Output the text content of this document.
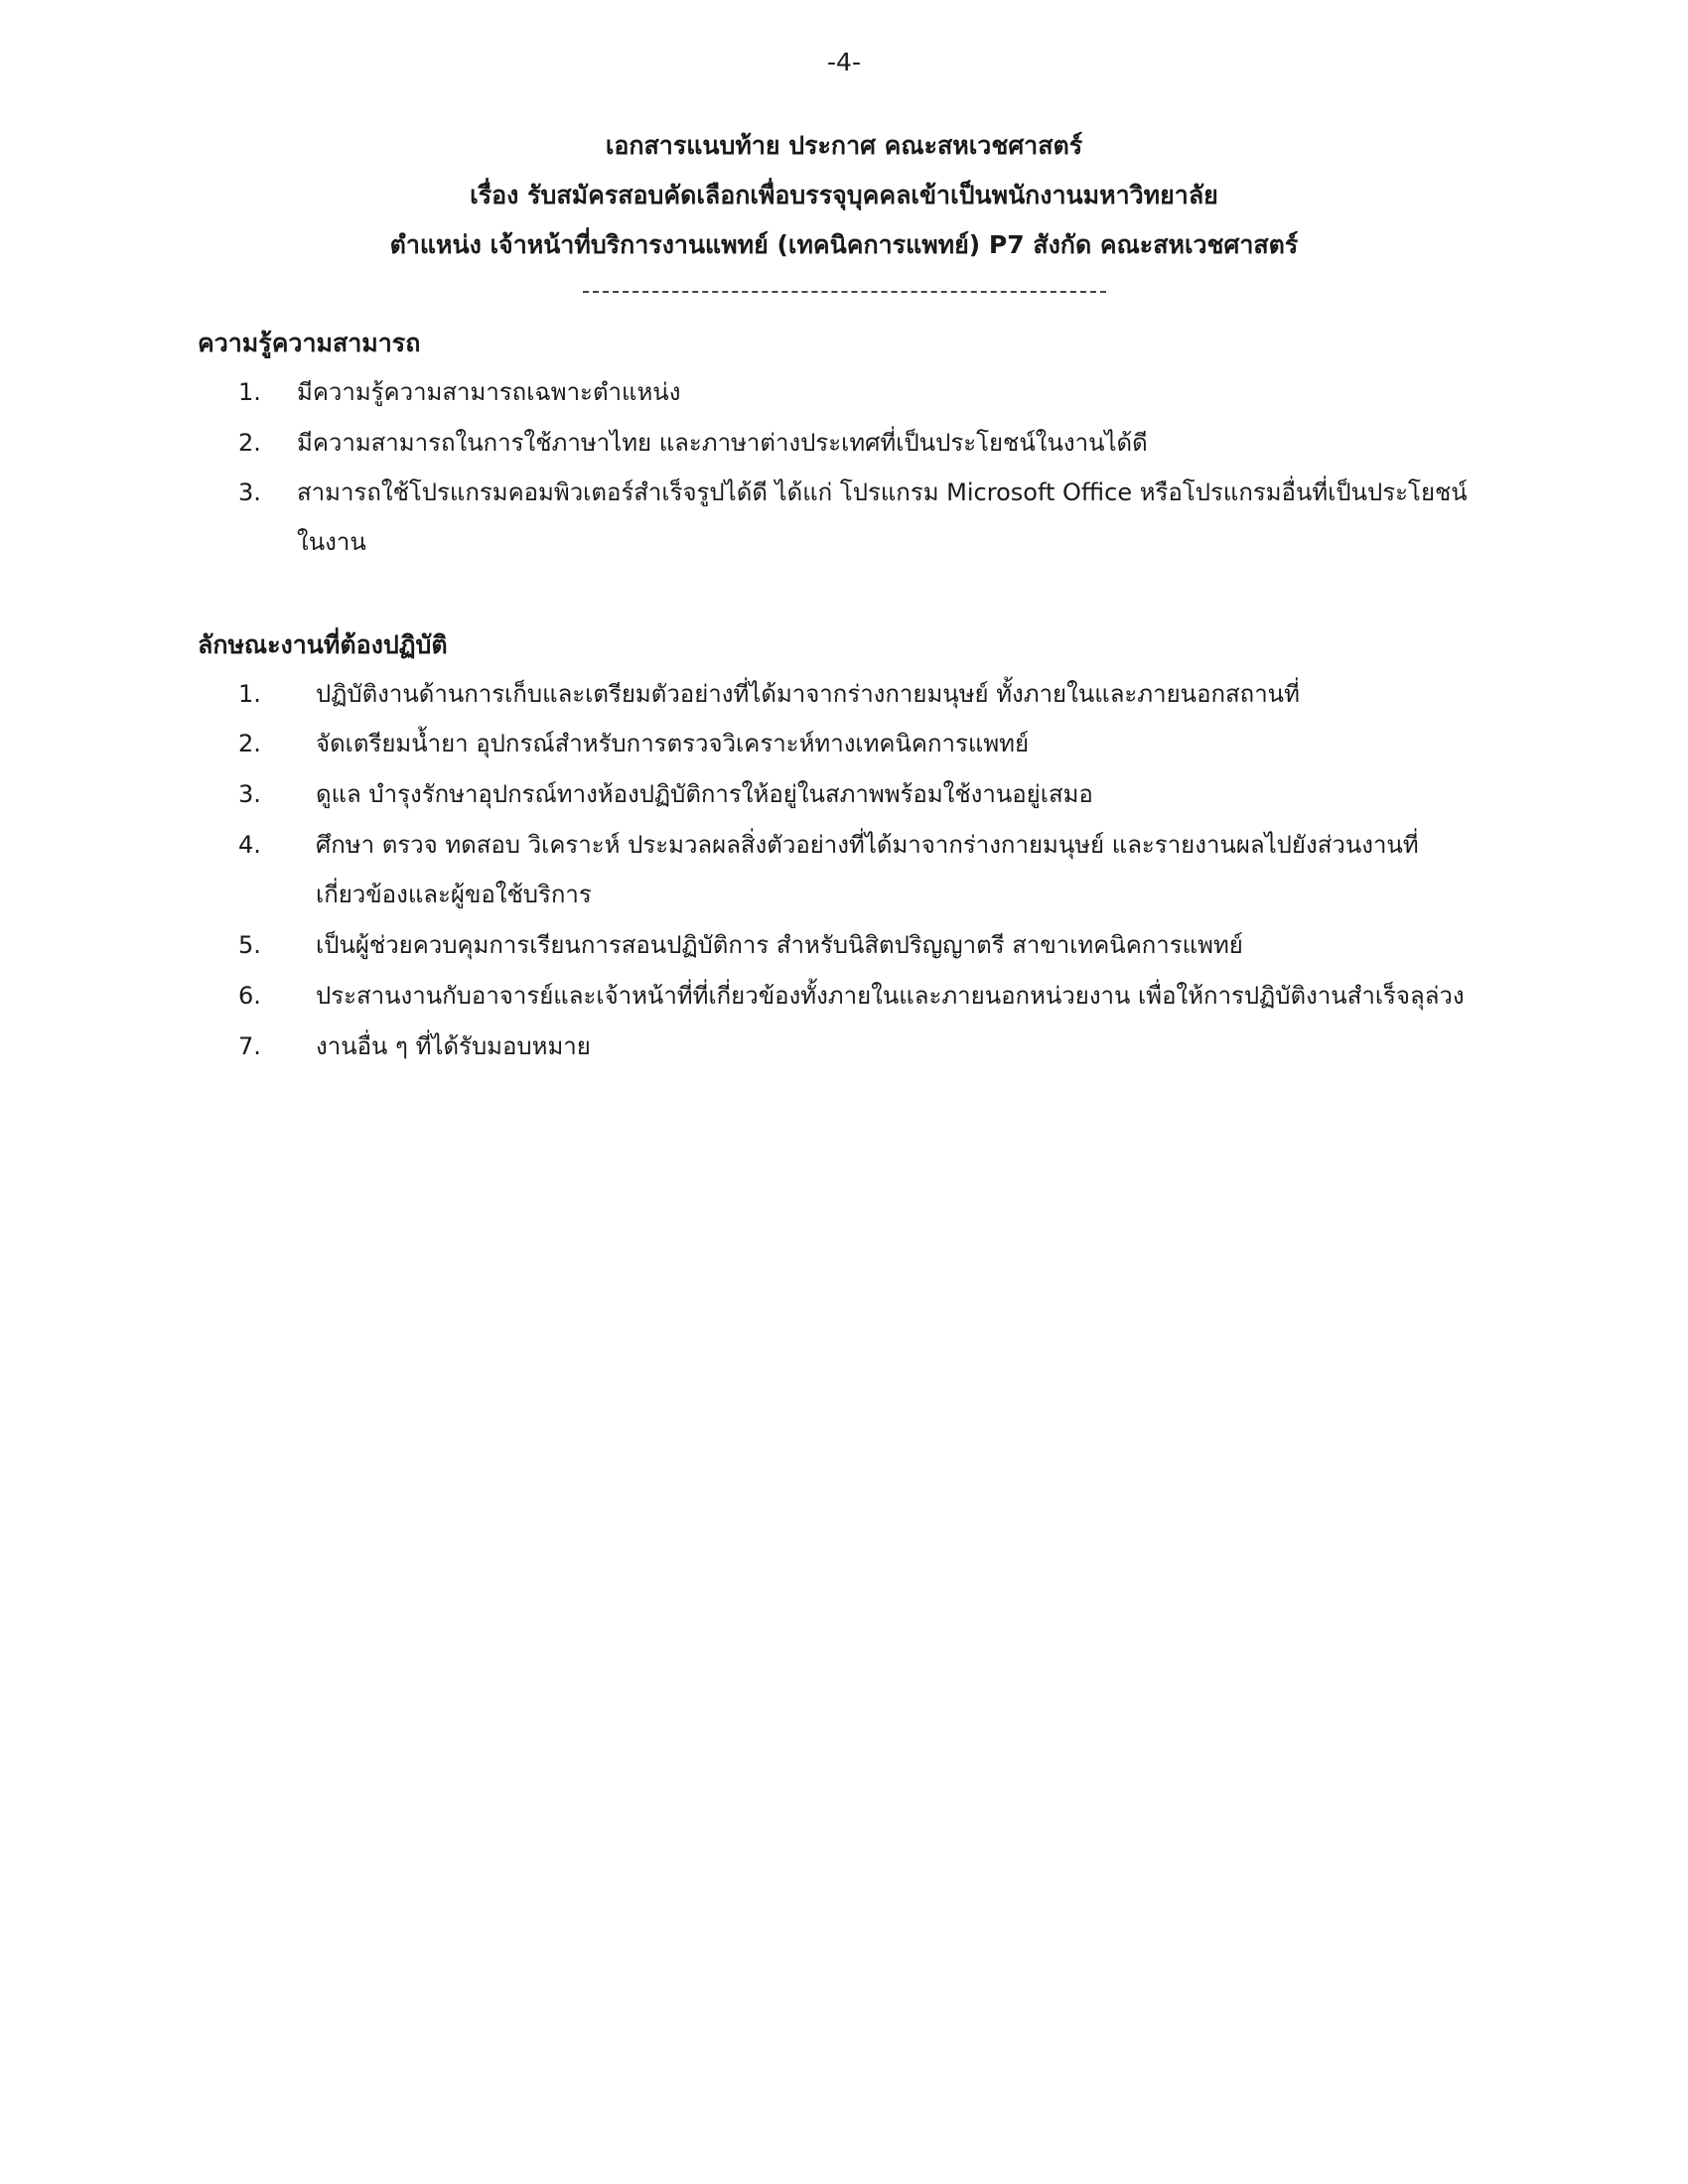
-4-
เอกสารแนบท้าย ประกาศ คณะสหเวชศาสตร์
เรื่อง รับสมัครสอบคัดเลือกเพื่อบรรจุบุคคลเข้าเป็นพนักงานมหาวิทยาลัย
ตำแหน่ง เจ้าหน้าที่บริการงานแพทย์ (เทคนิคการแพทย์) P7 สังกัด คณะสหเวชศาสตร์
ความรู้ความสามารถ
1. มีความรู้ความสามารถเฉพาะตำแหน่ง
2. มีความสามารถในการใช้ภาษาไทย และภาษาต่างประเทศที่เป็นประโยชน์ในงานได้ดี
3. สามารถใช้โปรแกรมคอมพิวเตอร์สำเร็จรูปได้ดี ได้แก่ โปรแกรม Microsoft Office หรือโปรแกรมอื่นที่เป็นประโยชน์
ในงาน
ลักษณะงานที่ต้องปฏิบัติ
1. ปฏิบัติงานด้านการเก็บและเตรียมตัวอย่างที่ได้มาจากร่างกายมนุษย์ ทั้งภายในและภายนอกสถานที่
2. จัดเตรียมน้ำยา อุปกรณ์สำหรับการตรวจวิเคราะห์ทางเทคนิคการแพทย์
3. ดูแล บำรุงรักษาอุปกรณ์ทางห้องปฏิบัติการให้อยู่ในสภาพพร้อมใช้งานอยู่เสมอ
4. ศึกษา ตรวจ ทดสอบ วิเคราะห์ ประมวลผลสิ่งตัวอย่างที่ได้มาจากร่างกายมนุษย์ และรายงานผลไปยังส่วนงานที่
เกี่ยวข้องและผู้ขอใช้บริการ
5. เป็นผู้ช่วยควบคุมการเรียนการสอนปฏิบัติการ สำหรับนิสิตปริญญาตรี สาขาเทคนิคการแพทย์
6. ประสานงานกับอาจารย์และเจ้าหน้าที่ที่เกี่ยวข้องทั้งภายในและภายนอกหน่วยงาน เพื่อให้การปฏิบัติงานสำเร็จลุล่วง
7. งานอื่น ๆ ที่ได้รับมอบหมาย
